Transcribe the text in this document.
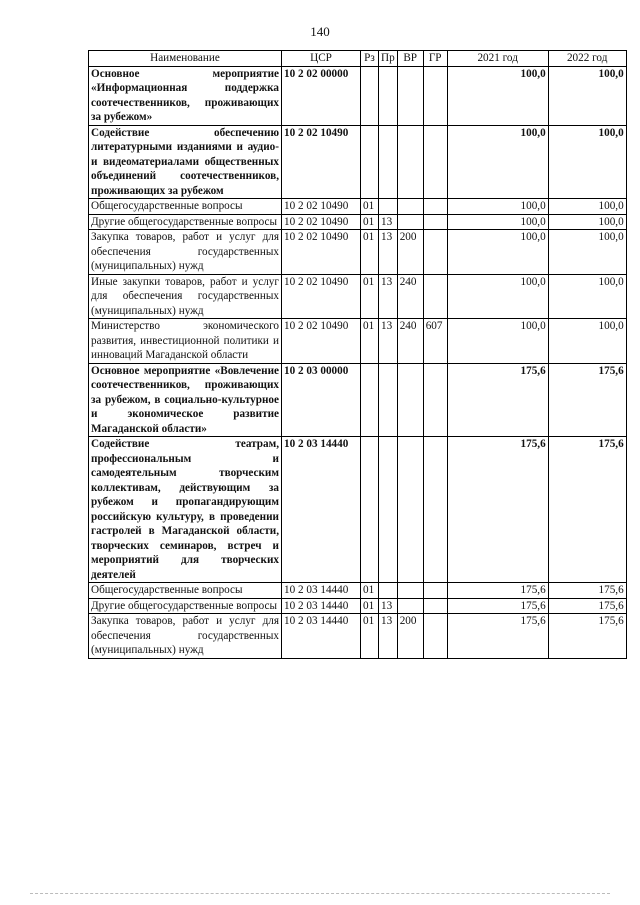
140
Наименование	ЦСР	Рз	Пр	ВР	ГР	2021 год	2022 год
Основное мероприятие «Информационная поддержка соотечественников, проживающих за рубежом»	10 2 02 00000					100,0	100,0
Содействие обеспечению литературными изданиями и аудио- и видеоматериалами общественных объединений соотечественников, проживающих за рубежом	10 2 02 10490					100,0	100,0
Общегосударственные вопросы	10 2 02 10490	01				100,0	100,0
Другие общегосударственные вопросы	10 2 02 10490	01	13			100,0	100,0
Закупка товаров, работ и услуг для обеспечения государственных (муниципальных) нужд	10 2 02 10490	01	13	200		100,0	100,0
Иные закупки товаров, работ и услуг для обеспечения государственных (муниципальных) нужд	10 2 02 10490	01	13	240		100,0	100,0
Министерство экономического развития, инвестиционной политики и инноваций Магаданской области	10 2 02 10490	01	13	240	607	100,0	100,0
Основное мероприятие «Вовлечение соотечественников, проживающих за рубежом, в социально-культурное и экономическое развитие Магаданской области»	10 2 03 00000					175,6	175,6
Содействие театрам, профессиональным и самодеятельным творческим коллективам, действующим за рубежом и пропагандирующим российскую культуру, в проведении гастролей в Магаданской области, творческих семинаров, встреч и мероприятий для творческих деятелей	10 2 03 14440					175,6	175,6
Общегосударственные вопросы	10 2 03 14440	01				175,6	175,6
Другие общегосударственные вопросы	10 2 03 14440	01	13			175,6	175,6
Закупка товаров, работ и услуг для обеспечения государственных (муниципальных) нужд	10 2 03 14440	01	13	200		175,6	175,6
